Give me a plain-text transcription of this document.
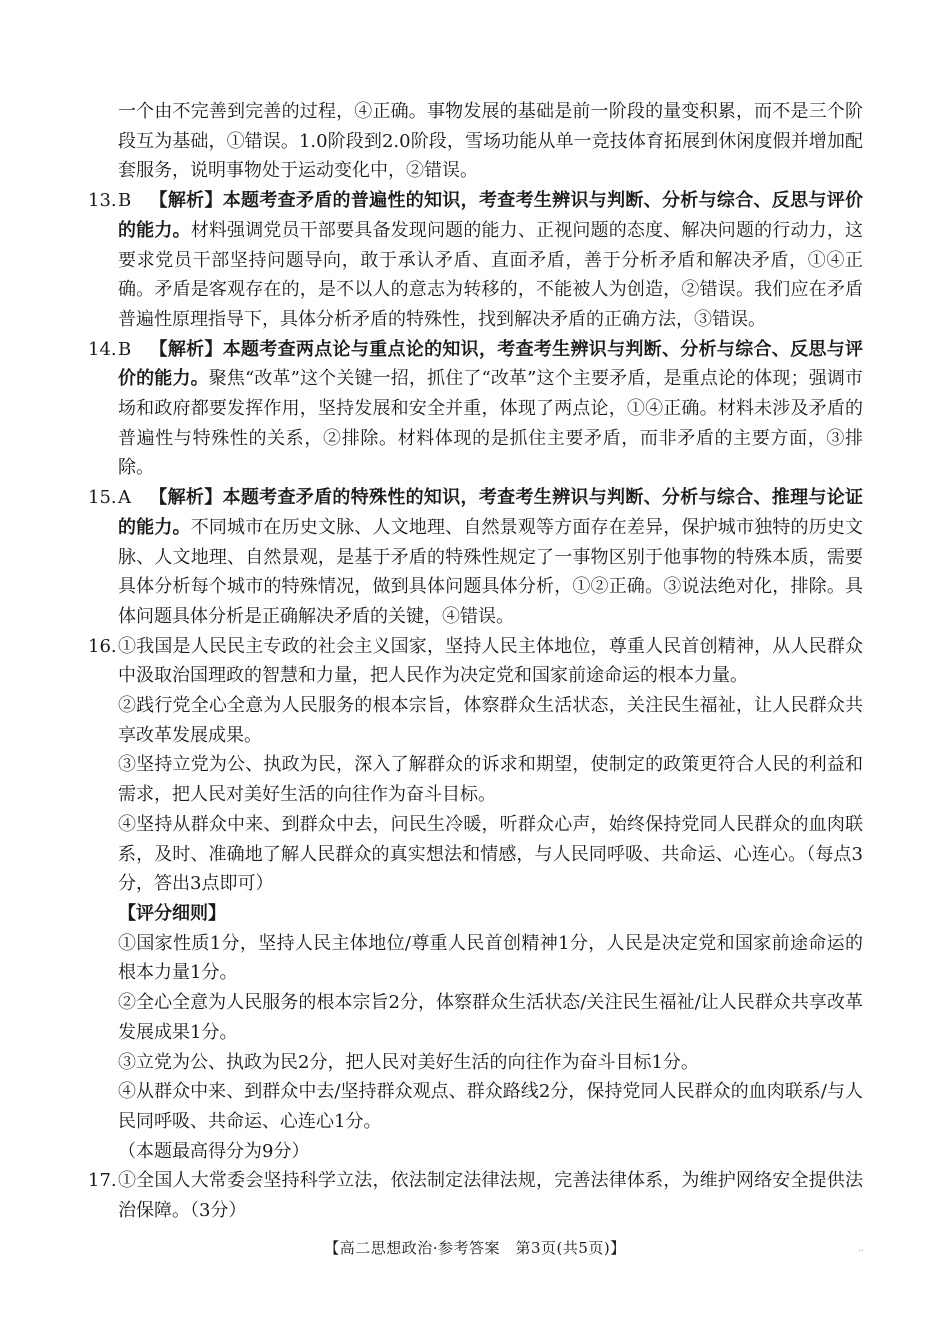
一个由不完善到完善的过程，④正确。事物发展的基础是前一阶段的量变积累，而不是三个阶段互为基础，①错误。1.0阶段到2.0阶段，雪场功能从单一竞技体育拓展到休闲度假并增加配套服务，说明事物处于运动变化中，②错误。

13. B  【解析】本题考查矛盾的普遍性的知识，考查考生辨识与判断、分析与综合、反思与评价的能力。材料强调党员干部要具备发现问题的能力、正视问题的态度、解决问题的行动力，这要求党员干部坚持问题导向，敢于承认矛盾、直面矛盾，善于分析矛盾和解决矛盾，①④正确。矛盾是客观存在的，是不以人的意志为转移的，不能被人为创造，②错误。我们应在矛盾普遍性原理指导下，具体分析矛盾的特殊性，找到解决矛盾的正确方法，③错误。
14. B  【解析】本题考查两点论与重点论的知识，考查考生辨识与判断、分析与综合、反思与评价的能力。聚焦“改革”这个关键一招，抓住了“改革”这个主要矛盾，是重点论的体现；强调市场和政府都要发挥作用，坚持发展和安全并重，体现了两点论，①④正确。材料未涉及矛盾的普遍性与特殊性的关系，②排除。材料体现的是抓住主要矛盾，而非矛盾的主要方面，③排除。
15. A  【解析】本题考查矛盾的特殊性的知识，考查考生辨识与判断、分析与综合、推理与论证的能力。不同城市在历史文脉、人文地理、自然景观等方面存在差异，保护城市独特的历史文脉、人文地理、自然景观，是基于矛盾的特殊性规定了一事物区别于他事物的特殊本质，需要具体分析每个城市的特殊情况，做到具体问题具体分析，①②正确。③说法绝对化，排除。具体问题具体分析是正确解决矛盾的关键，④错误。
16. ①我国是人民民主专政的社会主义国家，坚持人民主体地位，尊重人民首创精神，从人民群众中汲取治国理政的智慧和力量，把人民作为决定党和国家前途命运的根本力量。

②践行党全心全意为人民服务的根本宗旨，体察群众生活状态，关注民生福祉，让人民群众共享改革发展成果。

③坚持立党为公、执政为民，深入了解群众的诉求和期望，使制定的政策更符合人民的利益和需求，把人民对美好生活的向往作为奋斗目标。

④坚持从群众中来、到群众中去，问民生冷暖，听群众心声，始终保持党同人民群众的血肉联系，及时、准确地了解人民群众的真实想法和情感，与人民同呼吸、共命运、心连心。（每点3分，答出3点即可）

【评分细则】

①国家性质1分，坚持人民主体地位/尊重人民首创精神1分，人民是决定党和国家前途命运的根本力量1分。

②全心全意为人民服务的根本宗旨2分，体察群众生活状态/关注民生福祉/让人民群众共享改革发展成果1分。

③立党为公、执政为民2分，把人民对美好生活的向往作为奋斗目标1分。

④从群众中来、到群众中去/坚持群众观点、群众路线2分，保持党同人民群众的血肉联系/与人民同呼吸、共命运、心连心1分。

（本题最高得分为9分）

17. ①全国人大常委会坚持科学立法，依法制定法律法规，完善法律体系，为维护网络安全提供法治保障。（3分）

【高二思想政治·参考答案　第3页(共5页)】	..
